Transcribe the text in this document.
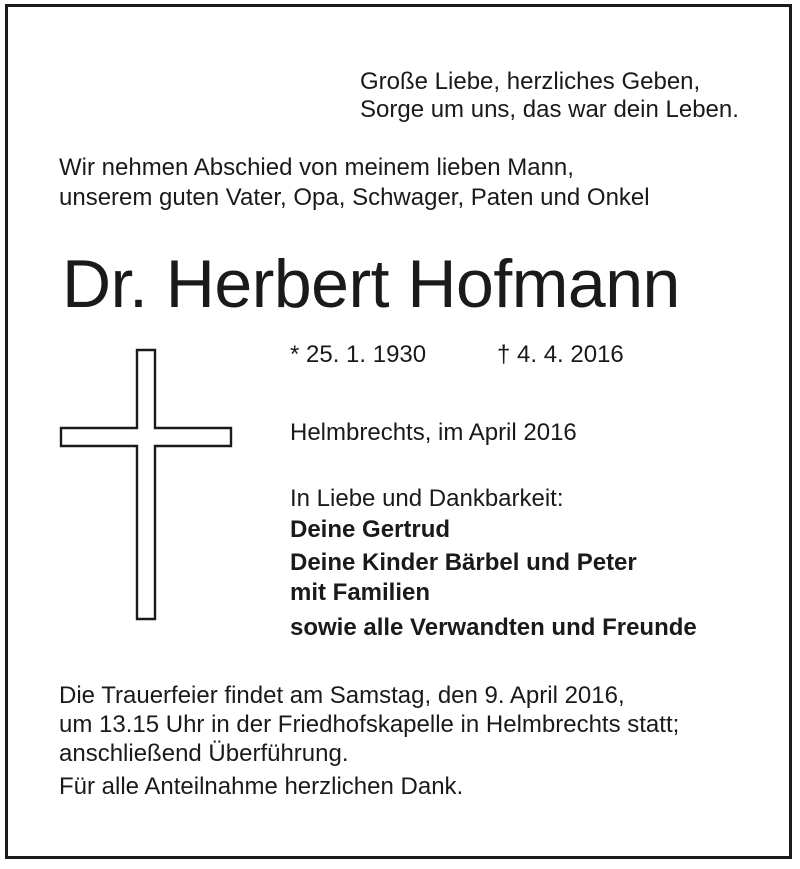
Große Liebe, herzliches Geben,
Sorge um uns, das war dein Leben.
Wir nehmen Abschied von meinem lieben Mann,
unserem guten Vater, Opa, Schwager, Paten und Onkel
Dr. Herbert Hofmann
* 25. 1. 1930	† 4. 4. 2016
Helmbrechts, im April 2016
In Liebe und Dankbarkeit:
Deine Gertrud
Deine Kinder Bärbel und Peter
mit Familien
sowie alle Verwandten und Freunde
Die Trauerfeier findet am Samstag, den 9. April 2016,
um 13.15 Uhr in der Friedhofskapelle in Helmbrechts statt;
anschließend Überführung.
Für alle Anteilnahme herzlichen Dank.
